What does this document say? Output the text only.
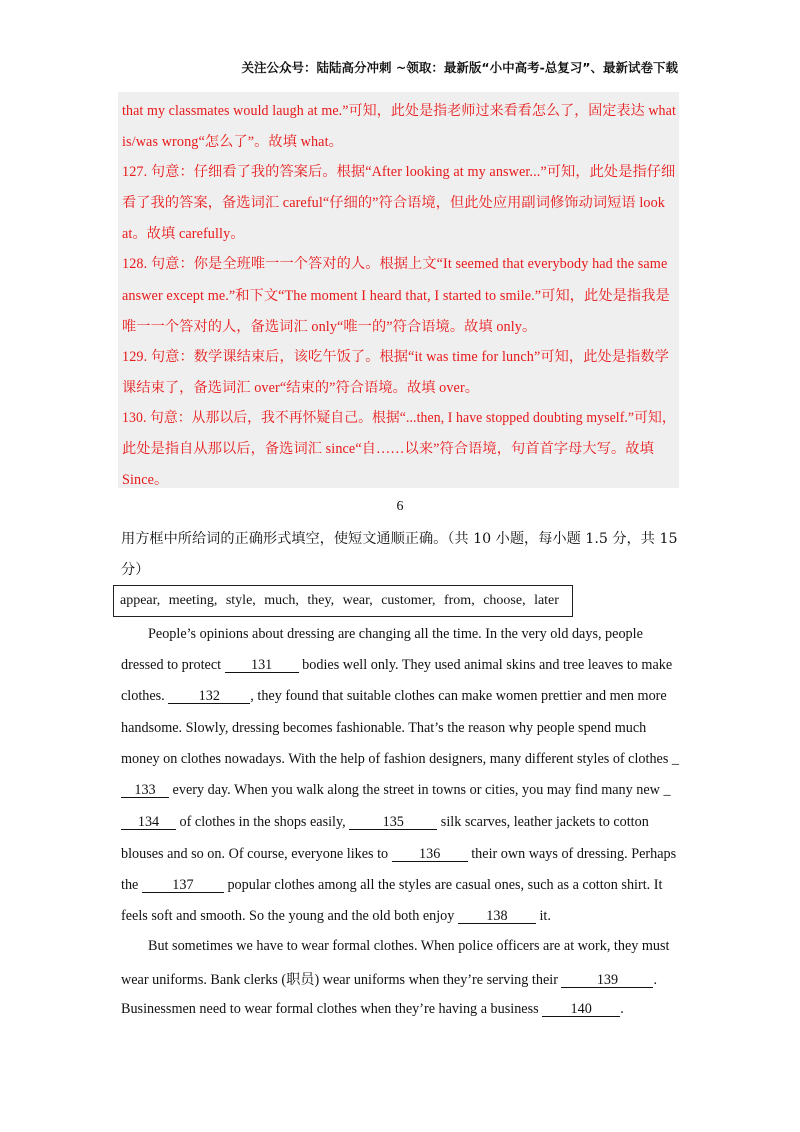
关注公众号：陆陆高分冲刺 ~领取：最新版“小中高考-总复习”、最新试卷下载
that my classmates would laugh at me.”可知，此处是指老师过来看看怎么了，固定表达 what
is/was wrong“怎么了”。故填 what。
127. 句意：仔细看了我的答案后。根据“After looking at my answer...”可知，此处是指仔细
看了我的答案，备选词汇 careful“仔细的”符合语境，但此处应用副词修饰动词短语 look
at。故填 carefully。
128. 句意：你是全班唯一一个答对的人。根据上文“It seemed that everybody had the same
answer except me.”和下文“The moment I heard that, I started to smile.”可知，此处是指我是
唯一一个答对的人，备选词汇 only“唯一的”符合语境。故填 only。
129. 句意：数学课结束后，该吃午饭了。根据“it was time for lunch”可知，此处是指数学
课结束了，备选词汇 over“结束的”符合语境。故填 over。
130. 句意：从那以后，我不再怀疑自己。根据“...then, I have stopped doubting myself.”可知，
此处是指自从那以后，备选词汇 since“自……以来”符合语境，句首首字母大写。故填
Since。
6
用方框中所给词的正确形式填空，使短文通顺正确。（共 10 小题，每小题 1.5 分，共 15
分）
appear, meeting, style, much, they, wear, customer, from, choose, later
People’s opinions about dressing are changing all the time. In the very old days, people
dressed to protect 131 bodies well only. They used animal skins and tree leaves to make
clothes. 132 , they found that suitable clothes can make women prettier and men more
handsome. Slowly, dressing becomes fashionable. That’s the reason why people spend much
money on clothes nowadays. With the help of fashion designers, many different styles of clothes _
133 every day. When you walk along the street in towns or cities, you may find many new _
134 of clothes in the shops easily, 135 silk scarves, leather jackets to cotton
blouses and so on. Of course, everyone likes to 136 their own ways of dressing. Perhaps
the 137 popular clothes among all the styles are casual ones, such as a cotton shirt. It
feels soft and smooth. So the young and the old both enjoy 138 it.
But sometimes we have to wear formal clothes. When police officers are at work, they must
wear uniforms. Bank clerks (职员) wear uniforms when they’re serving their 139 .
Businessmen need to wear formal clothes when they’re having a business 140 .
